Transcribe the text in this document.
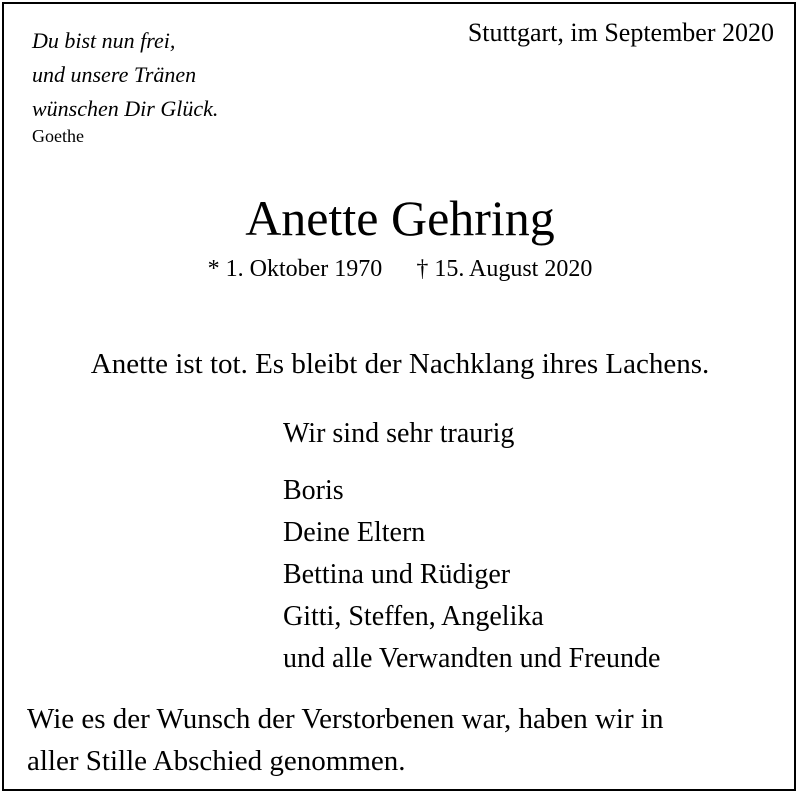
Du bist nun frei,
und unsere Tränen
wünschen Dir Glück.
Goethe
Stuttgart, im September 2020
Anette Gehring
* 1. Oktober 1970 † 15. August 2020
Anette ist tot. Es bleibt der Nachklang ihres Lachens.
Wir sind sehr traurig
Boris
Deine Eltern
Bettina und Rüdiger
Gitti, Steffen, Angelika
und alle Verwandten und Freunde
Wie es der Wunsch der Verstorbenen war, haben wir in
aller Stille Abschied genommen.
